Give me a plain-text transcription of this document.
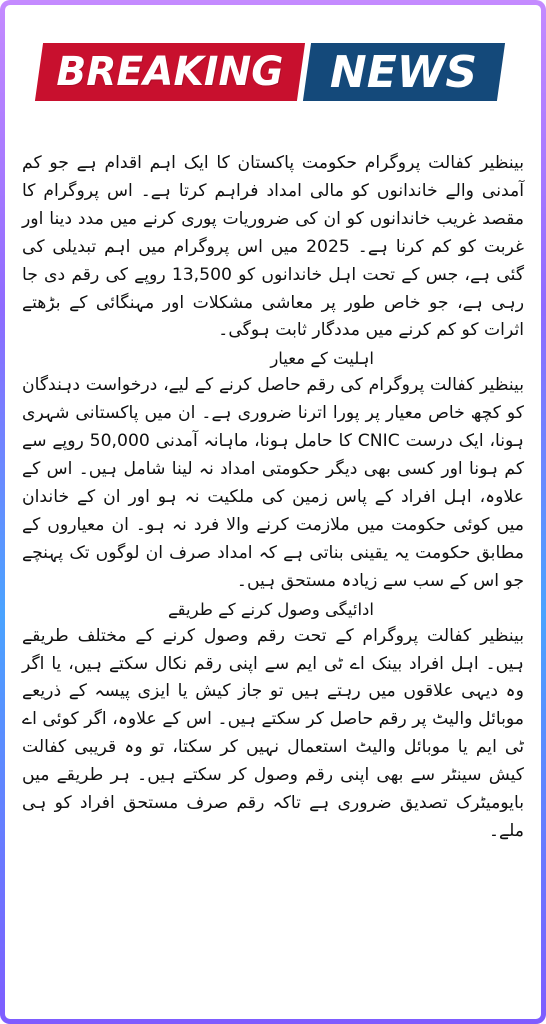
BREAKING NEWS

بینظیر کفالت پروگرام حکومت پاکستان کا ایک اہم اقدام ہے جو کم آمدنی والے خاندانوں کو مالی امداد فراہم کرتا ہے۔ اس پروگرام کا مقصد غریب خاندانوں کو ان کی ضروریات پوری کرنے میں مدد دینا اور غربت کو کم کرنا ہے۔ 2025 میں اس پروگرام میں اہم تبدیلی کی گئی ہے، جس کے تحت اہل خاندانوں کو 13,500 روپے کی رقم دی جا رہی ہے، جو خاص طور پر معاشی مشکلات اور مہنگائی کے بڑھتے اثرات کو کم کرنے میں مددگار ثابت ہوگی۔

اہلیت کے معیار

بینظیر کفالت پروگرام کی رقم حاصل کرنے کے لیے، درخواست دہندگان کو کچھ خاص معیار پر پورا اترنا ضروری ہے۔ ان میں پاکستانی شہری ہونا، ایک درست CNIC کا حامل ہونا، ماہانہ آمدنی 50,000 روپے سے کم ہونا اور کسی بھی دیگر حکومتی امداد نہ لینا شامل ہیں۔ اس کے علاوہ، اہل افراد کے پاس زمین کی ملکیت نہ ہو اور ان کے خاندان میں کوئی حکومت میں ملازمت کرنے والا فرد نہ ہو۔ ان معیاروں کے مطابق حکومت یہ یقینی بناتی ہے کہ امداد صرف ان لوگوں تک پہنچے جو اس کے سب سے زیادہ مستحق ہیں۔

ادائیگی وصول کرنے کے طریقے

بینظیر کفالت پروگرام کے تحت رقم وصول کرنے کے مختلف طریقے ہیں۔ اہل افراد بینک اے ٹی ایم سے اپنی رقم نکال سکتے ہیں، یا اگر وہ دیہی علاقوں میں رہتے ہیں تو جاز کیش یا ایزی پیسہ کے ذریعے موبائل والیٹ پر رقم حاصل کر سکتے ہیں۔ اس کے علاوہ، اگر کوئی اے ٹی ایم یا موبائل والیٹ استعمال نہیں کر سکتا، تو وہ قریبی کفالت کیش سینٹر سے بھی اپنی رقم وصول کر سکتے ہیں۔ ہر طریقے میں بایومیٹرک تصدیق ضروری ہے تاکہ رقم صرف مستحق افراد کو ہی ملے۔
